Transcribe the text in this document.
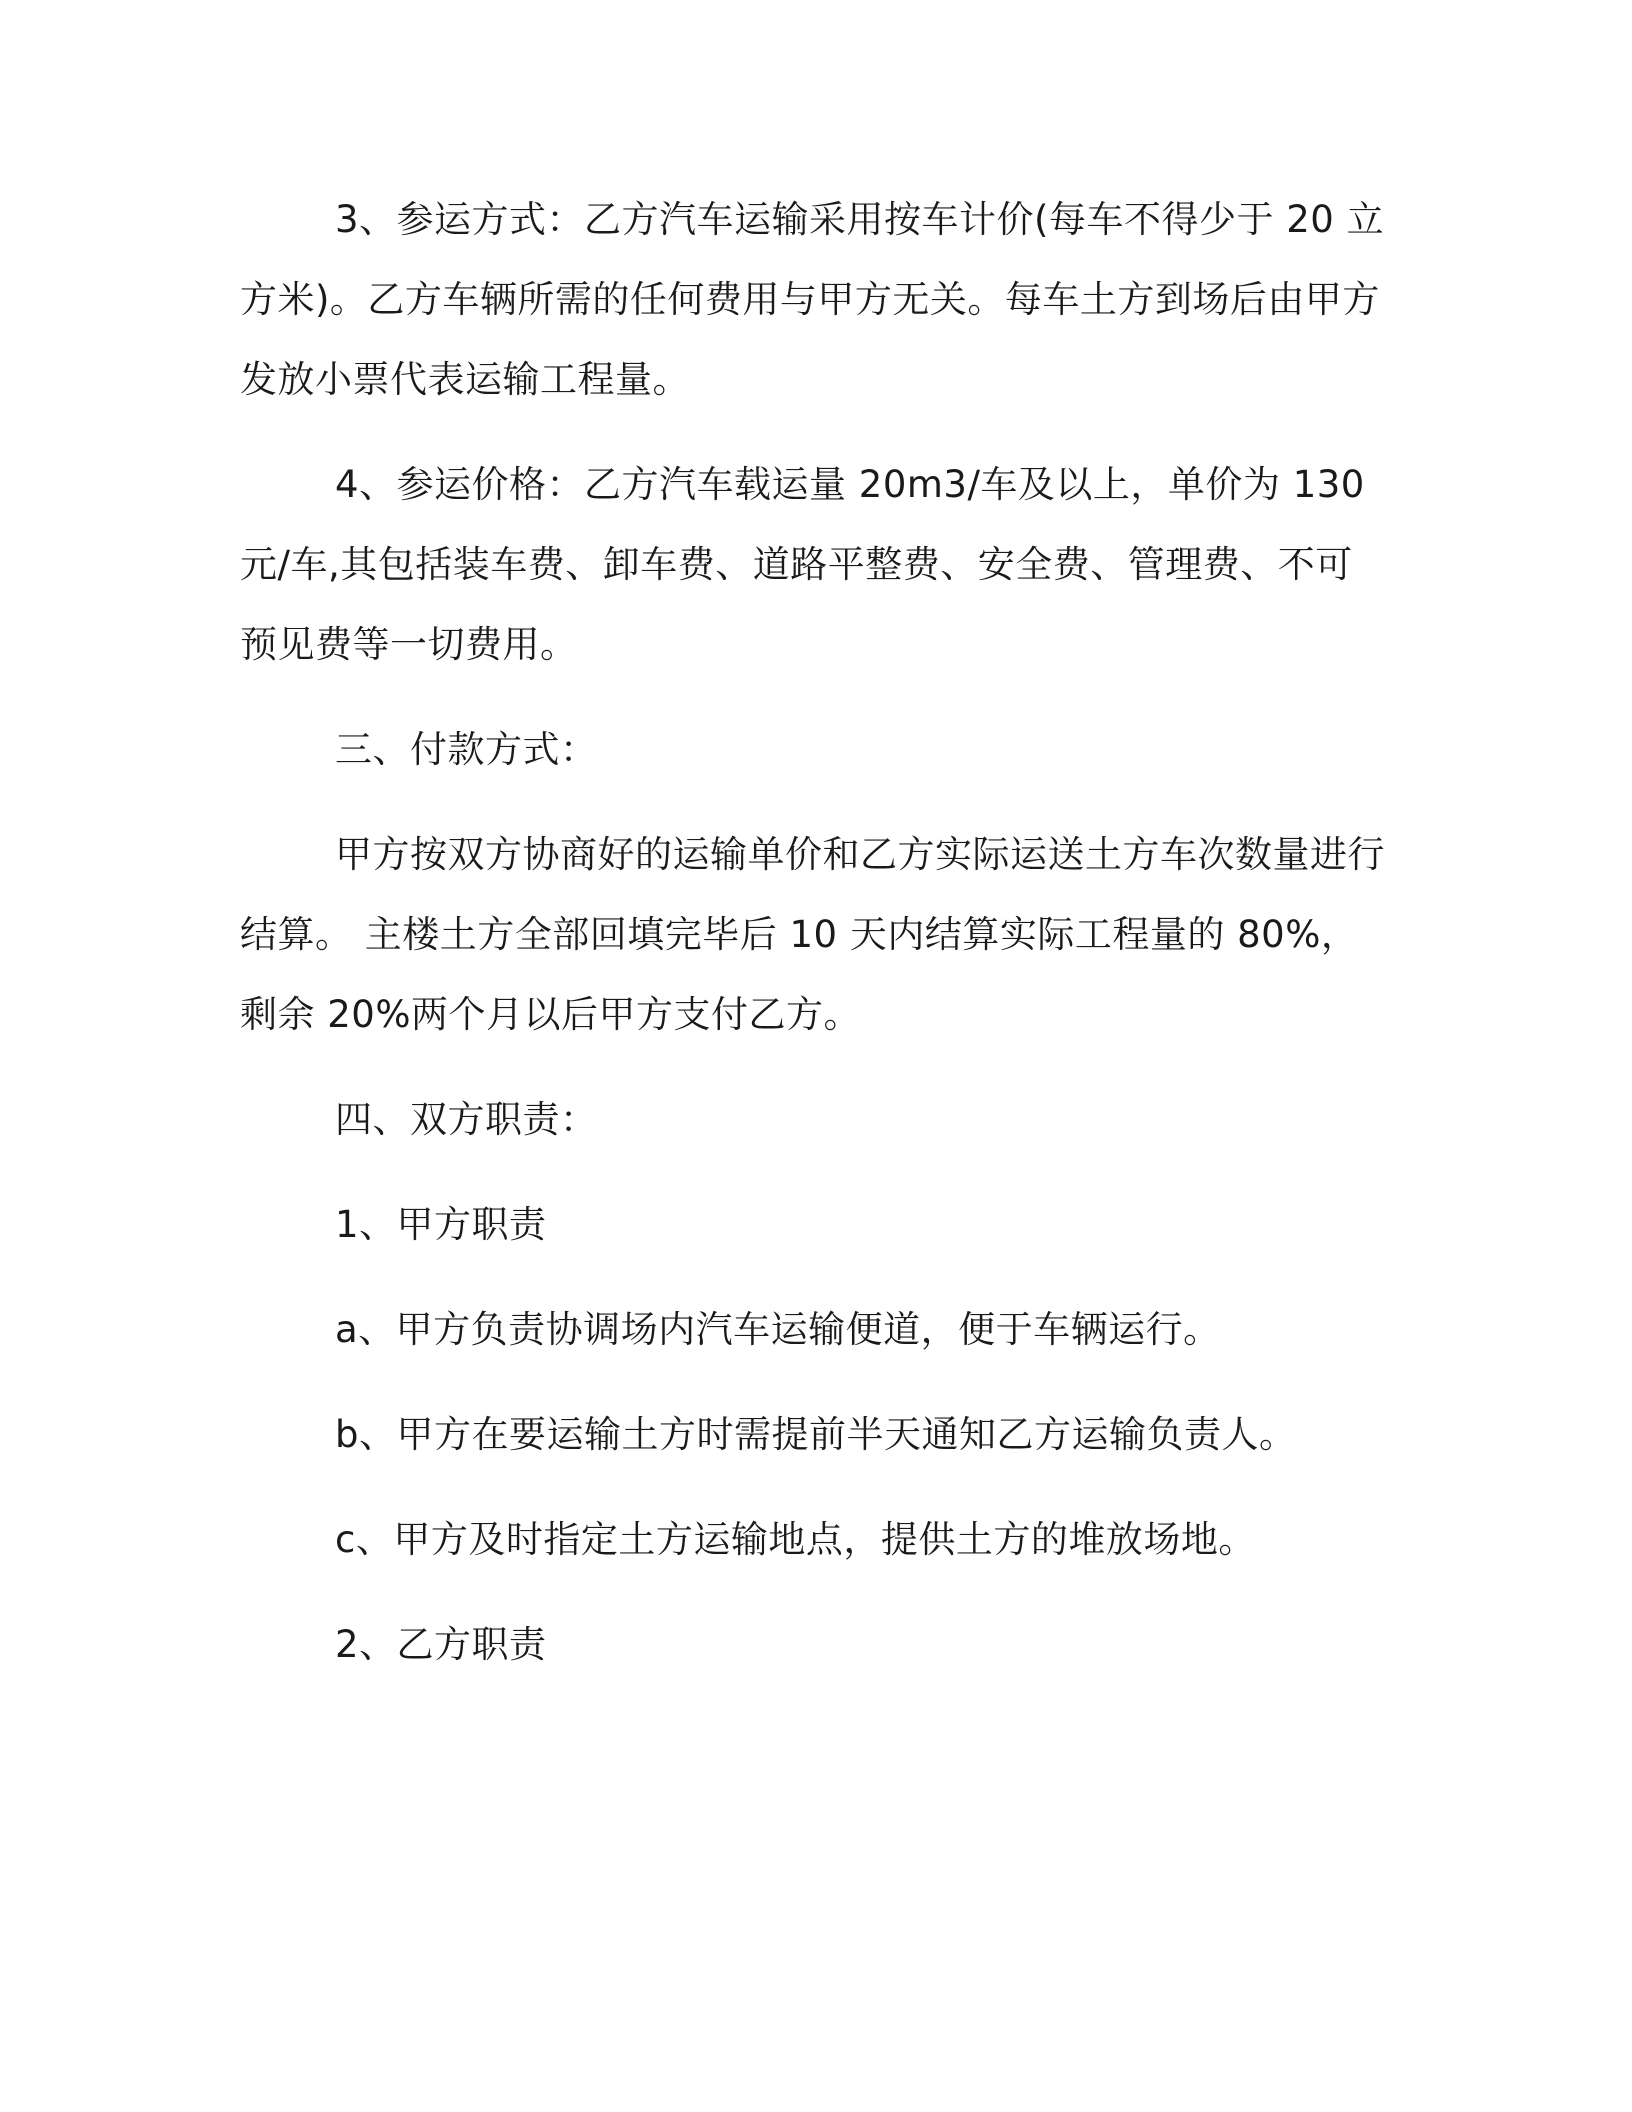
3、参运方式：乙方汽车运输采用按车计价(每车不得少于 20 立方米)。乙方车辆所需的任何费用与甲方无关。每车土方到场后由甲方发放小票代表运输工程量。

4、参运价格：乙方汽车载运量 20m3/车及以上，单价为 130 元/车,其包括装车费、卸车费、道路平整费、安全费、管理费、不可预见费等一切费用。

三、付款方式：

甲方按双方协商好的运输单价和乙方实际运送土方车次数量进行结算。 主楼土方全部回填完毕后 10 天内结算实际工程量的 80%，剩余 20%两个月以后甲方支付乙方。

四、双方职责：

1、甲方职责

a、甲方负责协调场内汽车运输便道，便于车辆运行。

b、甲方在要运输土方时需提前半天通知乙方运输负责人。

c、甲方及时指定土方运输地点，提供土方的堆放场地。

2、乙方职责
